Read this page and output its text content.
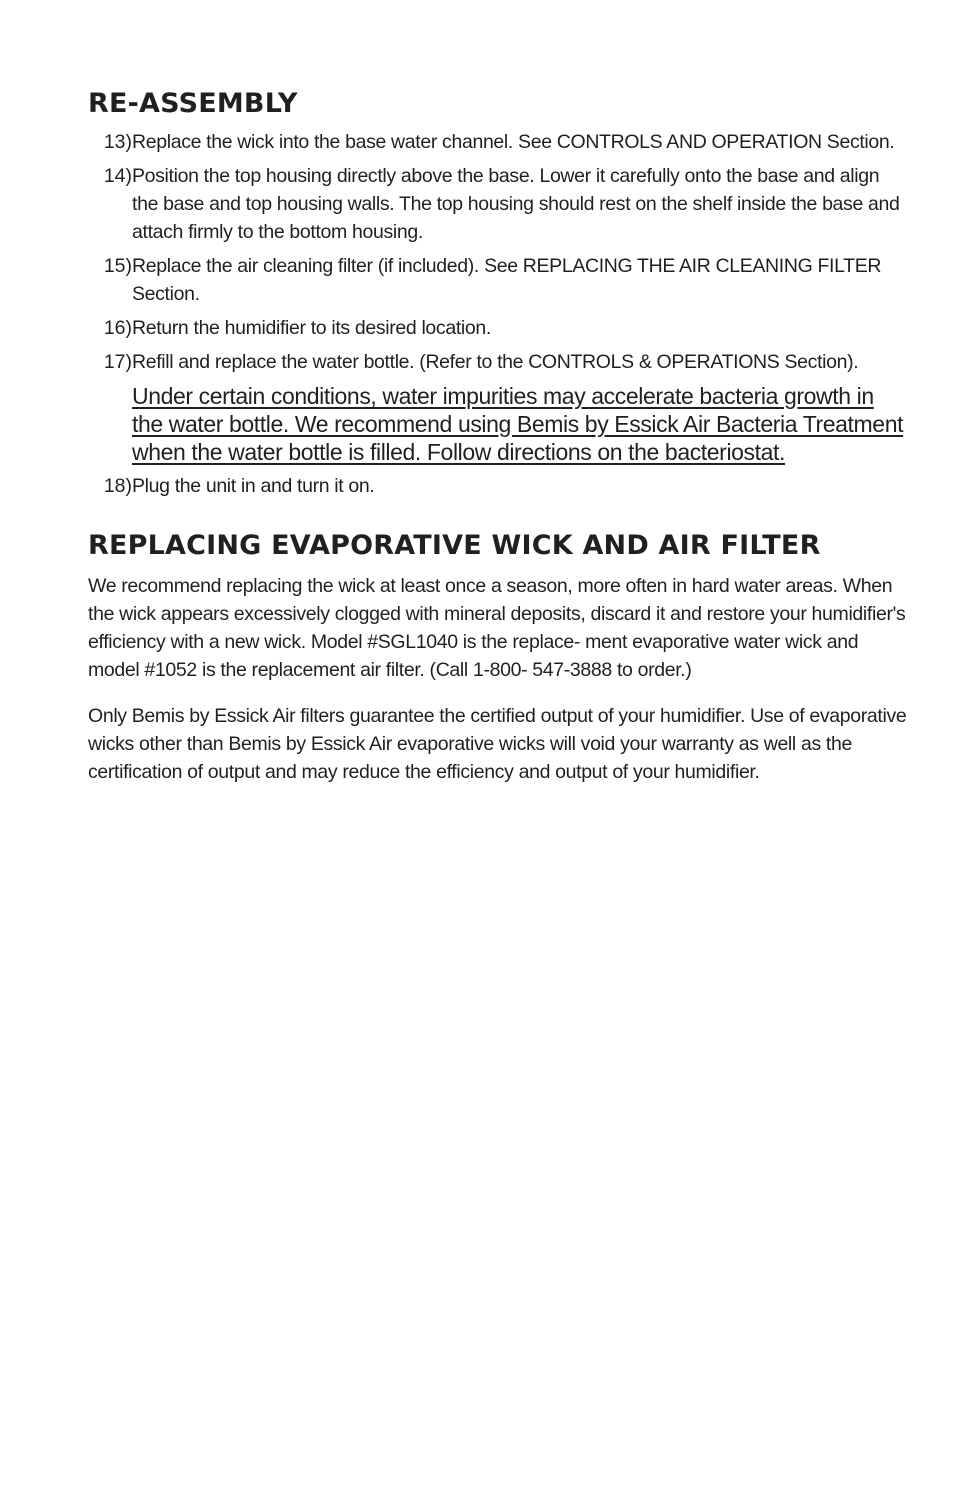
RE-ASSEMBLY
13) Replace the wick into the base water channel. See CONTROLS AND OPERATION Section.
14) Position the top housing directly above the base. Lower it carefully onto the base and align the base and top housing walls. The top housing should rest on the shelf inside the base and attach firmly to the bottom housing.
15) Replace the air cleaning filter (if included). See REPLACING THE AIR CLEANING FILTER Section.
16) Return the humidifier to its desired location.
17) Refill and replace the water bottle. (Refer to the CONTROLS & OPERATIONS Section).
Under certain conditions, water impurities may accelerate bacteria growth in the water bottle. We recommend using Bemis by Essick Air Bacteria Treatment when the water bottle is filled. Follow directions on the bacteriostat.
18) Plug the unit in and turn it on.
REPLACING EVAPORATIVE WICK AND AIR FILTER

We recommend replacing the wick at least once a season, more often in hard water areas. When the wick appears excessively clogged with mineral deposits, discard it and restore your humidifier's efficiency with a new wick. Model #SGL1040 is the replace- ment evaporative water wick and model #1052 is the replacement air filter. (Call 1-800- 547-3888 to order.)

Only Bemis by Essick Air filters guarantee the certified output of your humidifier. Use of evaporative wicks other than Bemis by Essick Air evaporative wicks will void your warranty as well as the certification of output and may reduce the efficiency and output of your humidifier.
